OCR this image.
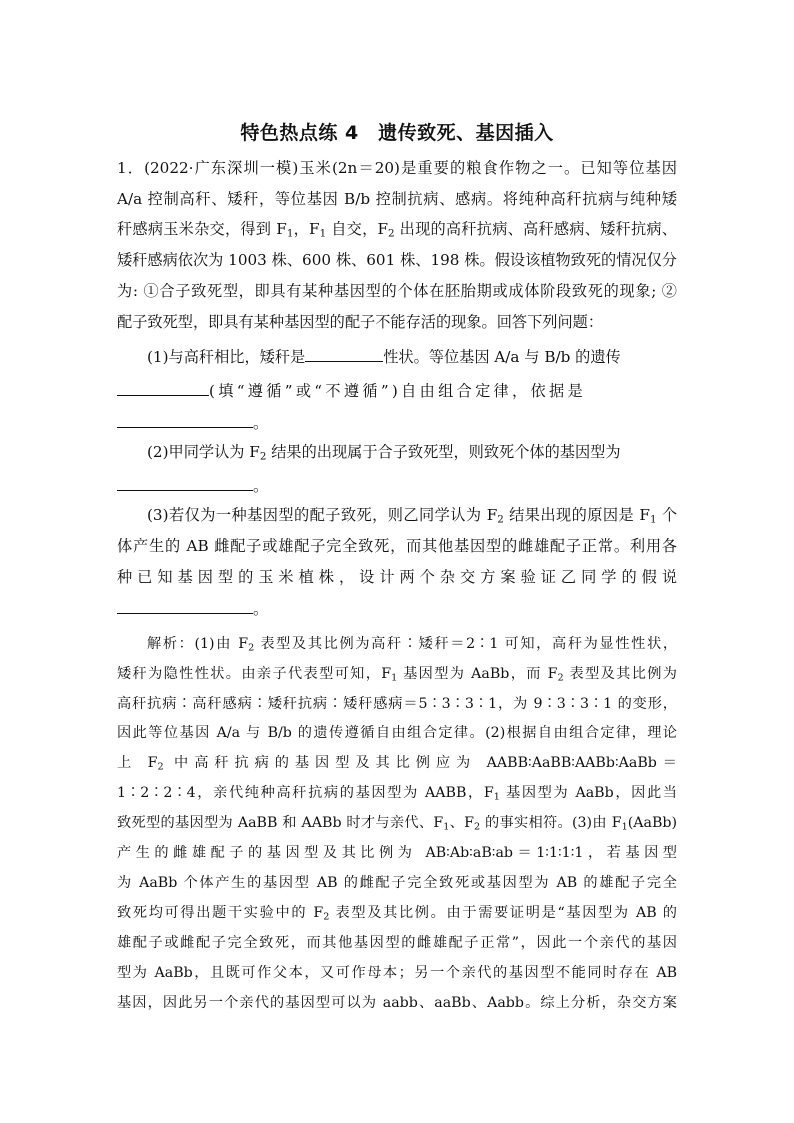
特色热点练 4　遗传致死、基因插入
1．(2022·广东深圳一模)玉米(2n＝20)是重要的粮食作物之一。已知等位基因
A/a 控制高秆、矮秆，等位基因 B/b 控制抗病、感病。将纯种高秆抗病与纯种矮
秆感病玉米杂交，得到 $F_1$，$F_1$ 自交，$F_2$ 出现的高秆抗病、高秆感病、矮秆抗病、
矮秆感病依次为 1003 株、600 株、601 株、198 株。假设该植物致死的情况仅分
为: ①合子致死型，即具有某种基因型的个体在胚胎期或成体阶段致死的现象; ②
配子致死型，即具有某种基因型的配子不能存活的现象。回答下列问题：
(1)与高秆相比，矮秆是	性状。等位基因 A/a 与 B/b 的遗传
(填“遵循”或“不遵循”)自由组合定律，依据是
。
(2)甲同学认为 $F_2$ 结果的出现属于合子致死型，则致死个体的基因型为
。
(3)若仅为一种基因型的配子致死，则乙同学认为 $F_2$ 结果出现的原因是 $F_1$ 个
体产生的 AB 雌配子或雄配子完全致死，而其他基因型的雌雄配子正常。利用各
种已知基因型的玉米植株，设计两个杂交方案验证乙同学的假说
。
解析：(1)由 $F_2$ 表型及其比例为高秆∶矮秆＝2∶1 可知，高秆为显性性状，
矮秆为隐性性状。由亲子代表型可知，$F_1$ 基因型为 AaBb，而 $F_2$ 表型及其比例为
高秆抗病∶高秆感病∶矮秆抗病∶矮秆感病＝5∶3∶3∶1，为 9∶3∶3∶1 的变形，
因此等位基因 A/a 与 B/b 的遗传遵循自由组合定律。(2)根据自由组合定律，理论
上 $F_2$ 中高秆抗病的基因型及其比例应为 AABB∶AaBB∶AABb∶AaBb＝
1∶2∶2∶4，亲代纯种高秆抗病的基因型为 AABB，$F_1$ 基因型为 AaBb，因此当
致死型的基因型为 AaBB 和 AABb 时才与亲代、$F_1$、$F_2$ 的事实相符。(3)由 $F_1(AaBb)$
产生的雌雄配子的基因型及其比例为 AB∶Ab∶aB∶ab＝1∶1∶1∶1，若基因型
为 AaBb 个体产生的基因型 AB 的雌配子完全致死或基因型为 AB 的雄配子完全
致死均可得出题干实验中的 $F_2$ 表型及其比例。由于需要证明是“基因型为 AB 的
雄配子或雌配子完全致死，而其他基因型的雌雄配子正常”，因此一个亲代的基因
型为 AaBb，且既可作父本，又可作母本；另一个亲代的基因型不能同时存在 AB
基因，因此另一个亲代的基因型可以为 aabb、aaBb、Aabb。综上分析，杂交方案
